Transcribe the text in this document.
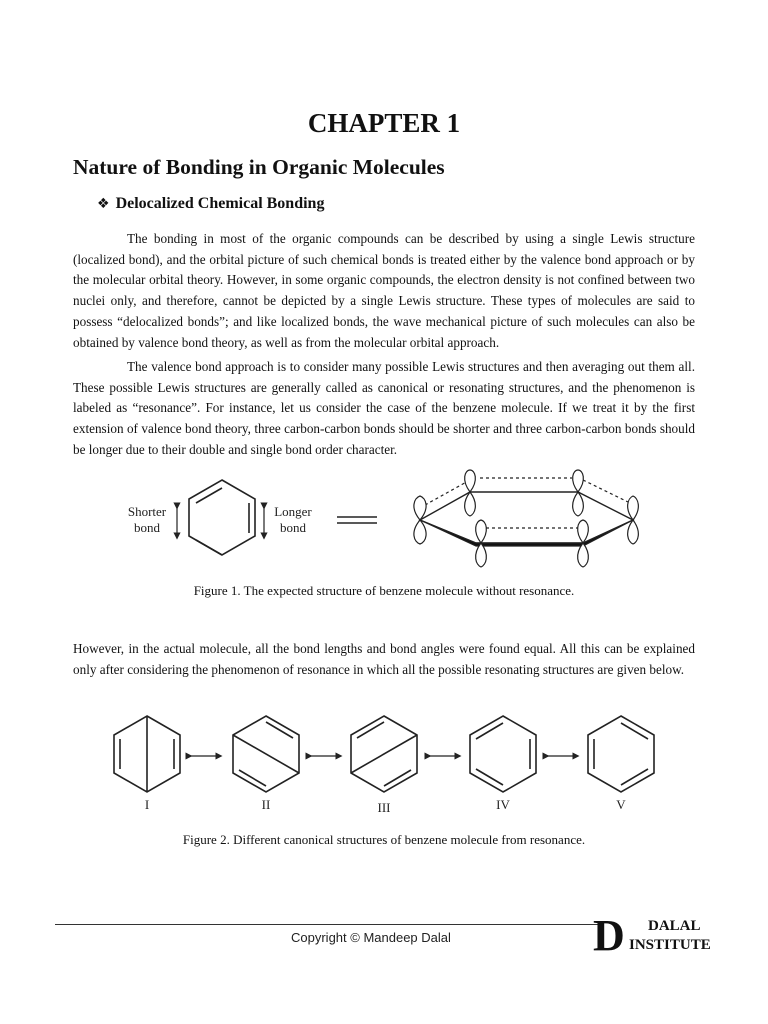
CHAPTER 1
Nature of Bonding in Organic Molecules
❖ Delocalized Chemical Bonding
The bonding in most of the organic compounds can be described by using a single Lewis structure (localized bond), and the orbital picture of such chemical bonds is treated either by the valence bond approach or by the molecular orbital theory. However, in some organic compounds, the electron density is not confined between two nuclei only, and therefore, cannot be depicted by a single Lewis structure. These types of molecules are said to possess “delocalized bonds”; and like localized bonds, the wave mechanical picture of such molecules can also be obtained by valence bond theory, as well as from the molecular orbital approach.
The valence bond approach is to consider many possible Lewis structures and then averaging out them all. These possible Lewis structures are generally called as canonical or resonating structures, and the phenomenon is labeled as “resonance”. For instance, let us consider the case of the benzene molecule. If we treat it by the first extension of valence bond theory, three carbon-carbon bonds should be shorter and three carbon-carbon bonds should be longer due to their double and single bond order character.
Shorter
bond
Longer
bond
Figure 1. The expected structure of benzene molecule without resonance.
However, in the actual molecule, all the bond lengths and bond angles were found equal. All this can be explained only after considering the phenomenon of resonance in which all the possible resonating structures are given below.
I	II	III	IV	V
Figure 2. Different canonical structures of benzene molecule from resonance.
Copyright © Mandeep Dalal	D DALAL
INSTITUTE
